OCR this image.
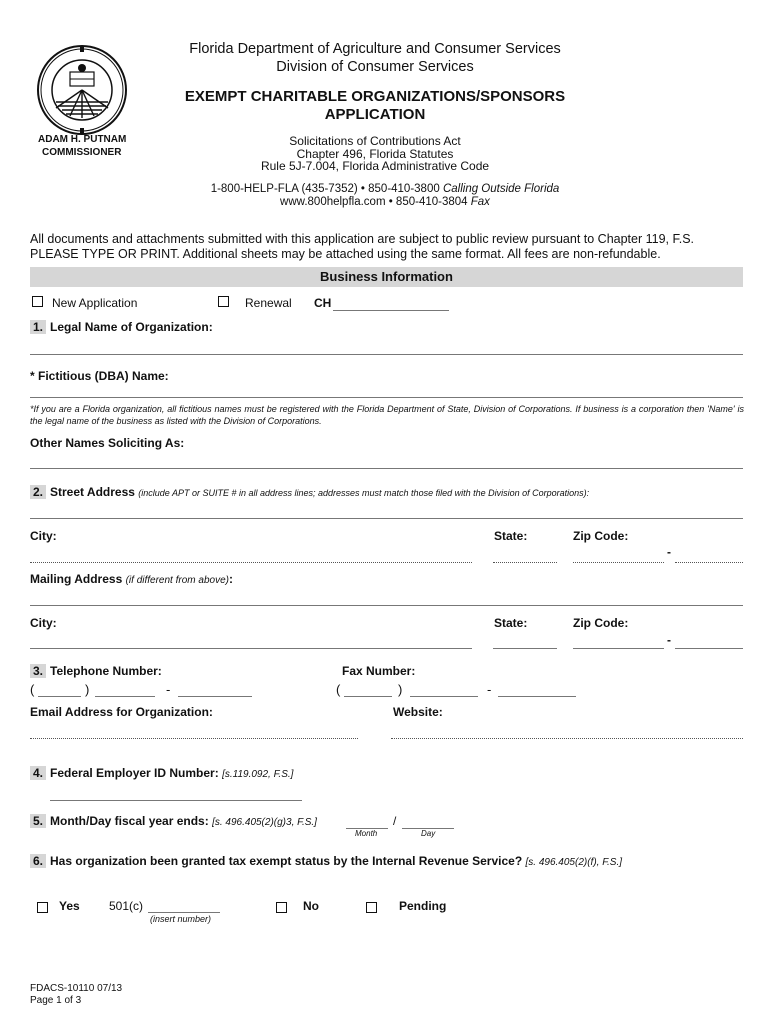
Florida Department of Agriculture and Consumer Services
Division of Consumer Services
EXEMPT CHARITABLE ORGANIZATIONS/SPONSORS
APPLICATION
ADAM H. PUTNAM
COMMISSIONER
Solicitations of Contributions Act
Chapter 496, Florida Statutes
Rule 5J-7.004, Florida Administrative Code
1-800-HELP-FLA (435-7352) • 850-410-3800 Calling Outside Florida
www.800helpfla.com • 850-410-3804 Fax
All documents and attachments submitted with this application are subject to public review pursuant to Chapter 119, F.S. PLEASE TYPE OR PRINT. Additional sheets may be attached using the same format. All fees are non-refundable.
Business Information
New Application	Renewal CH
1. Legal Name of Organization:
* Fictitious (DBA) Name:
*If you are a Florida organization, all fictitious names must be registered with the Florida Department of State, Division of Corporations. If business is a corporation then 'Name' is the legal name of the business as listed with the Division of Corporations.
Other Names Soliciting As:
2. Street Address (include APT or SUITE # in all address lines; addresses must match those filed with the Division of Corporations):
City:	State:	Zip Code:
-
Mailing Address (if different from above):
City:	State:	Zip Code:
-
3. Telephone Number:	Fax Number:
(	)	-	(	)	-
Email Address for Organization:	Website:
4. Federal Employer ID Number: [s.119.092, F.S.]
5. Month/Day fiscal year ends: [s. 496.405(2)(g)3, F.S.]	/
Month	Day
6. Has organization been granted tax exempt status by the Internal Revenue Service? [s. 496.405(2)(f), F.S.]
Yes 501(c)
(insert number)
No	Pending
FDACS-10110 07/13
Page 1 of 3
